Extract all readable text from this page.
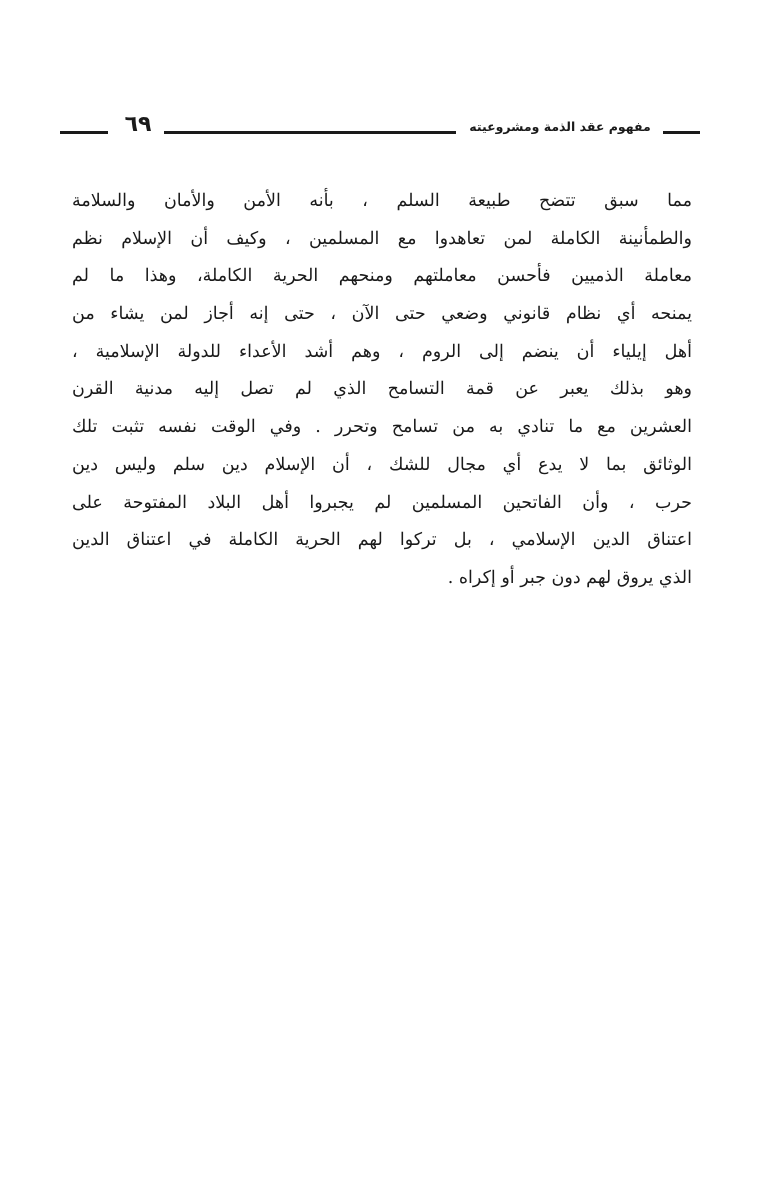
٦٩	مفهوم عقد الذمة ومشروعيته
مما سبق تتضح طبيعة السلم ، بأنه الأمن والأمان والسلامة
والطمأنينة الكاملة لمن تعاهدوا مع المسلمين ، وكيف أن الإسلام نظم
معاملة الذميين فأحسن معاملتهم ومنحهم الحرية الكاملة، وهذا ما لم
يمنحه أي نظام قانوني وضعي حتى الآن ، حتى إنه أجاز لمن يشاء من
أهل إيلياء أن ينضم إلى الروم ، وهم أشد الأعداء للدولة الإسلامية ،
وهو بذلك يعبر عن قمة التسامح الذي لم تصل إليه مدنية القرن
العشرين مع ما تنادي به من تسامح وتحرر . وفي الوقت نفسه تثبت تلك
الوثائق بما لا يدع أي مجال للشك ، أن الإسلام دين سلم وليس دين
حرب ، وأن الفاتحين المسلمين لم يجبروا أهل البلاد المفتوحة على
اعتناق الدين الإسلامي ، بل تركوا لهم الحرية الكاملة في اعتناق الدين
الذي يروق لهم دون جبر أو إكراه .
